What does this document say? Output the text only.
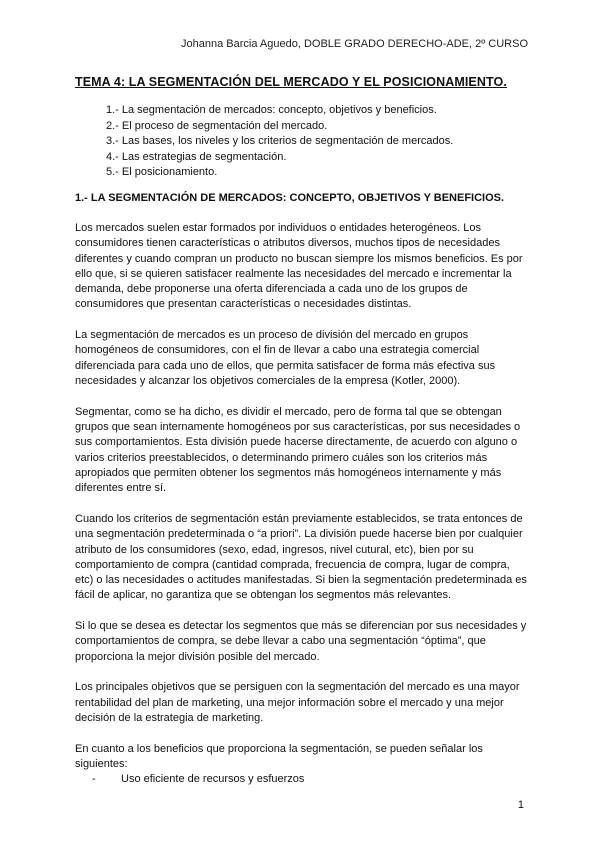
Johanna Barcia Aguedo, DOBLE GRADO DERECHO-ADE, 2º CURSO
TEMA 4: LA SEGMENTACIÓN DEL MERCADO Y EL POSICIONAMIENTO.
1.- La segmentación de mercados: concepto, objetivos y beneficios.
2.- El proceso de segmentación del mercado.
3.- Las bases, los niveles y los criterios de segmentación de mercados.
4.- Las estrategias de segmentación.
5.- El posicionamiento.
1.- LA SEGMENTACIÓN DE MERCADOS: CONCEPTO, OBJETIVOS Y BENEFICIOS.

Los mercados suelen estar formados por individuos o entidades heterogéneos. Los consumidores tienen características o atributos diversos, muchos tipos de necesidades diferentes y cuando compran un producto no buscan siempre los mismos beneficios. Es por ello que, si se quieren satisfacer realmente las necesidades del mercado e incrementar la demanda, debe proponerse una oferta diferenciada a cada uno de los grupos de consumidores que presentan características o necesidades distintas.

La segmentación de mercados es un proceso de división del mercado en grupos homogéneos de consumidores, con el fin de llevar a cabo una estrategia comercial diferenciada para cada uno de ellos, que permita satisfacer de forma más efectiva sus necesidades y alcanzar los objetivos comerciales de la empresa (Kotler, 2000).

Segmentar, como se ha dicho, es dividir el mercado, pero de forma tal que se obtengan grupos que sean internamente homogéneos por sus características, por sus necesidades o sus comportamientos. Esta división puede hacerse directamente, de acuerdo con alguno o varios criterios preestablecidos, o determinando primero cuáles son los criterios más apropiados que permiten obtener los segmentos más homogéneos internamente y más diferentes entre sí.

Cuando los criterios de segmentación están previamente establecidos, se trata entonces de una segmentación predeterminada o “a priori”. La división puede hacerse bien por cualquier atributo de los consumidores (sexo, edad, ingresos, nivel cutural, etc), bien por su comportamiento de compra (cantidad comprada, frecuencia de compra, lugar de compra, etc) o las necesidades o actitudes manifestadas. Si bien la segmentación predeterminada es fácil de aplicar, no garantiza que se obtengan los segmentos más relevantes.

Si lo que se desea es detectar los segmentos que más se diferencian por sus necesidades y comportamientos de compra, se debe llevar a cabo una segmentación “óptima”, que proporciona la mejor división posible del mercado.

Los principales objetivos que se persiguen con la segmentación del mercado es una mayor rentabilidad del plan de marketing, una mejor información sobre el mercado y una mejor decisión de la estrategia de marketing.

En cuanto a los beneficios que proporciona la segmentación, se pueden señalar los siguientes:

- Uso eficiente de recursos y esfuerzos
1
